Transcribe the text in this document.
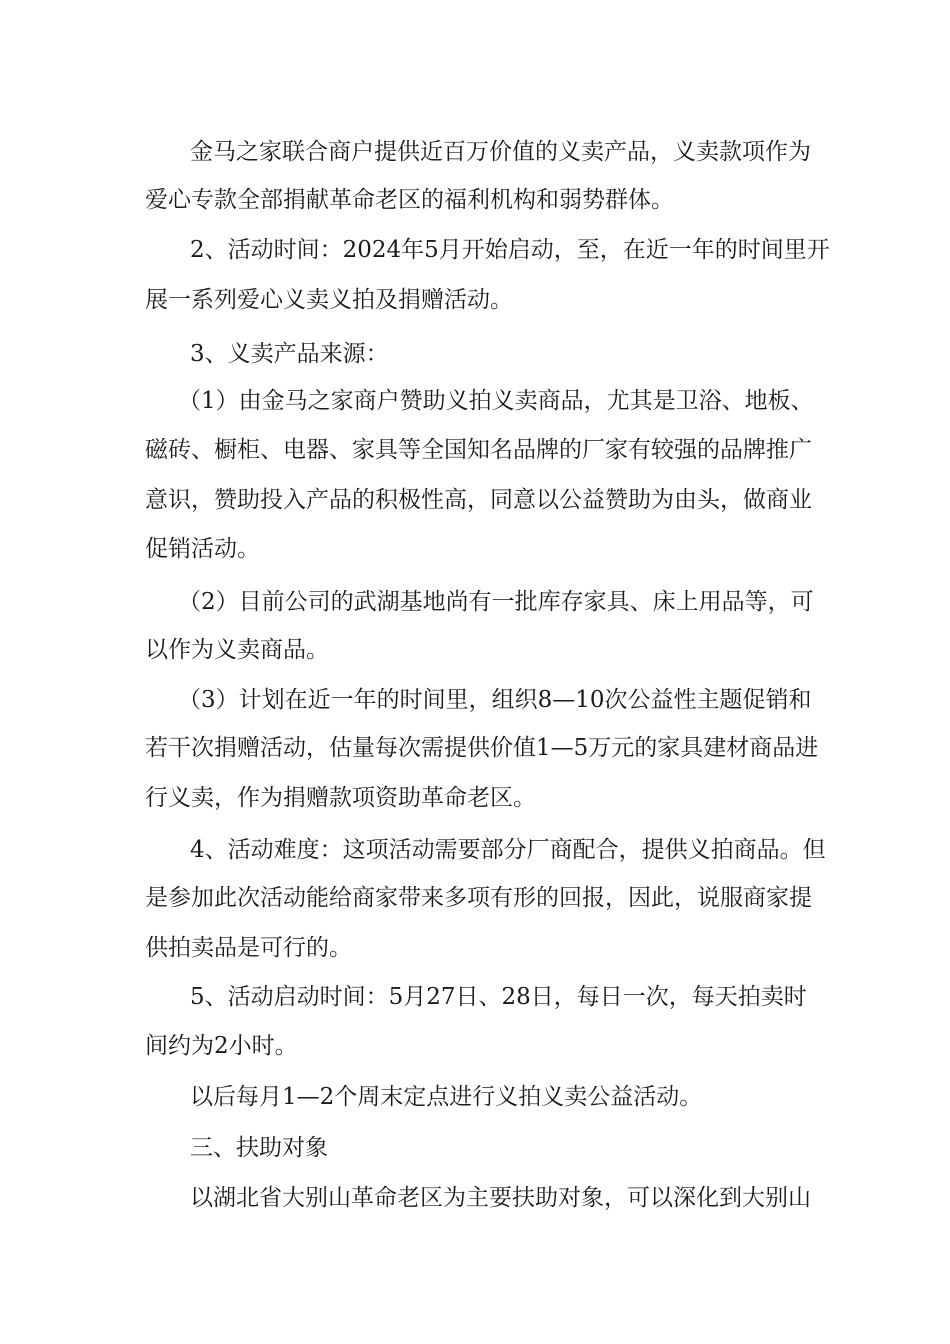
金马之家联合商户提供近百万价值的义卖产品，义卖款项作为

爱心专款全部捐献革命老区的福利机构和弱势群体。

2、活动时间：2024年5月开始启动，至，在近一年的时间里开

展一系列爱心义卖义拍及捐赠活动。

3、义卖产品来源：

（1）由金马之家商户赞助义拍义卖商品，尤其是卫浴、地板、

磁砖、橱柜、电器、家具等全国知名品牌的厂家有较强的品牌推广

意识，赞助投入产品的积极性高，同意以公益赞助为由头，做商业

促销活动。

（2）目前公司的武湖基地尚有一批库存家具、床上用品等，可

以作为义卖商品。

（3）计划在近一年的时间里，组织8—10次公益性主题促销和

若干次捐赠活动，估量每次需提供价值1—5万元的家具建材商品进

行义卖，作为捐赠款项资助革命老区。

4、活动难度：这项活动需要部分厂商配合，提供义拍商品。但

是参加此次活动能给商家带来多项有形的回报，因此，说服商家提

供拍卖品是可行的。

5、活动启动时间：5月27日、28日，每日一次，每天拍卖时

间约为2小时。

以后每月1—2个周末定点进行义拍义卖公益活动。

三、扶助对象

以湖北省大别山革命老区为主要扶助对象，可以深化到大别山
